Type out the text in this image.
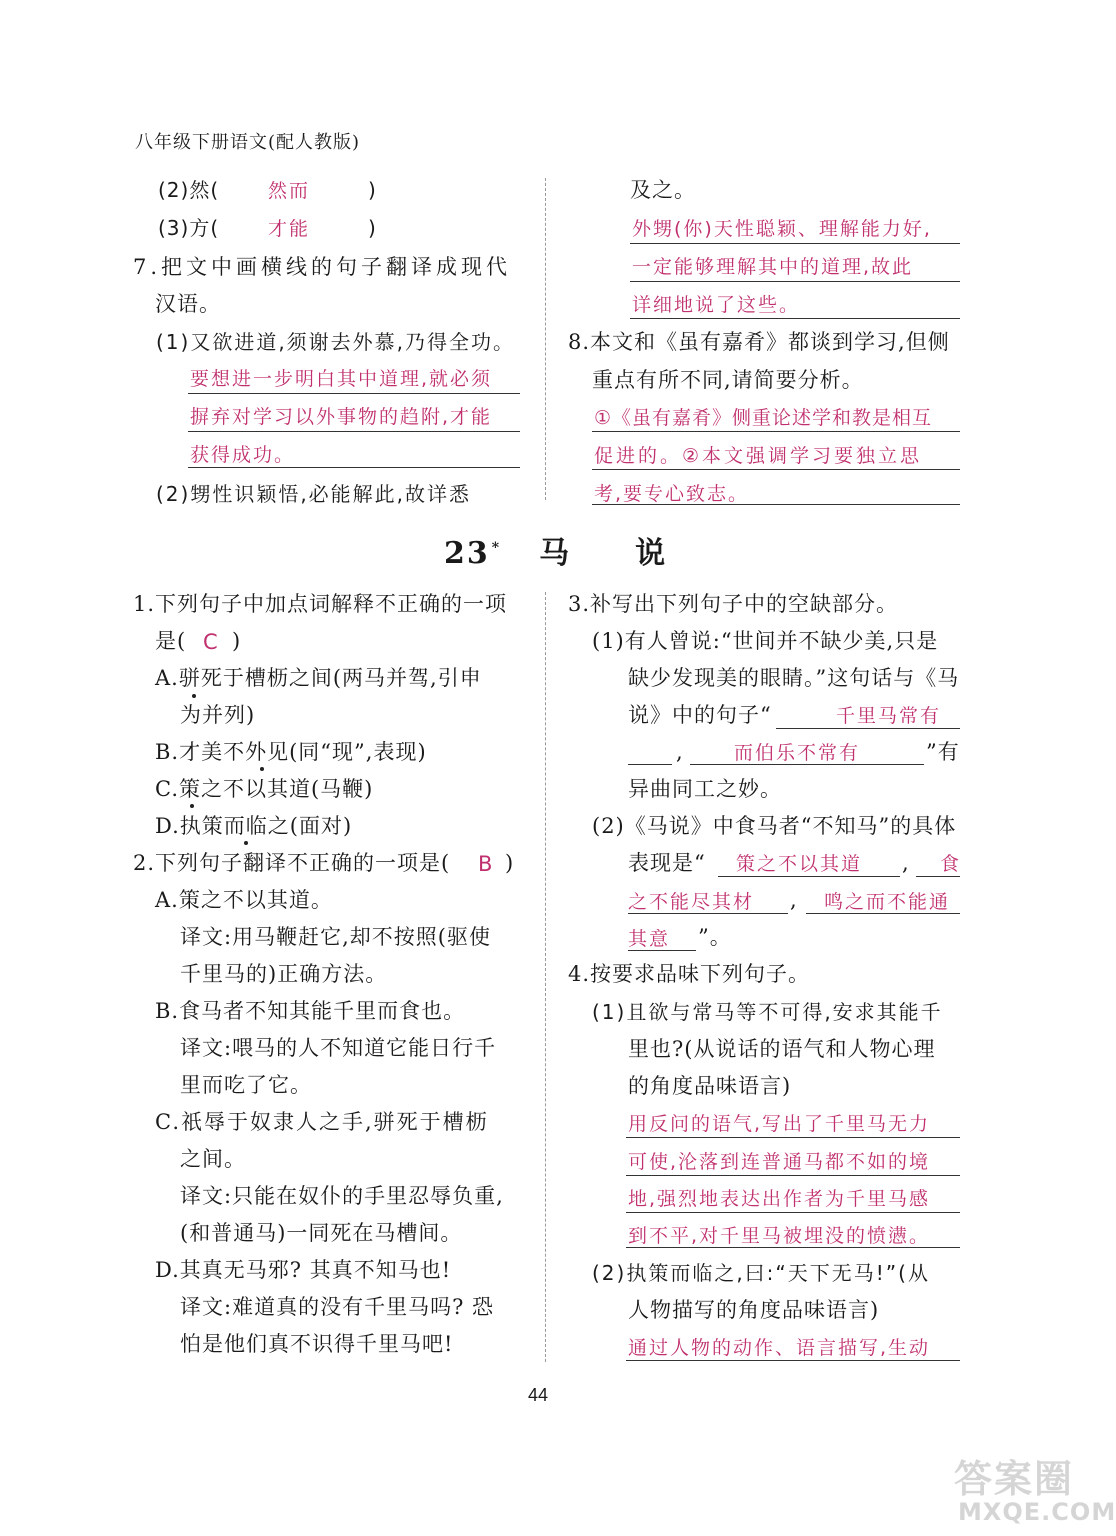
八年级下册语文(配人教版)
(2)然(	然而	)
(3)方(	才能	)
7.把文中画横线的句子翻译成现代
汉语。
(1)又欲进道,须谢去外慕,乃得全功。
要想进一步明白其中道理,就必须
摒弃对学习以外事物的趋附,才能
获得成功。
(2)甥性识颖悟,必能解此,故详悉
及之。
外甥(你)天性聪颖、理解能力好,
一定能够理解其中的道理,故此
详细地说了这些。
8.本文和《虽有嘉肴》都谈到学习,但侧
重点有所不同,请简要分析。
①《虽有嘉肴》侧重论述学和教是相互
促进的。②本文强调学习要独立思
考,要专心致志。
23 * 马 说
1.下列句子中加点词解释不正确的一项
是( C )
A.骈死于槽枥之间(两马并驾,引申
为并列)
B.才美不外见(同“现”,表现)
C.策之不以其道(马鞭)
D.执策而临之(面对)
2.下列句子翻译不正确的一项是( B )
A.策之不以其道。
译文:用马鞭赶它,却不按照(驱使
千里马的)正确方法。
B.食马者不知其能千里而食也。
译文:喂马的人不知道它能日行千
里而吃了它。
C.祇辱于奴隶人之手,骈死于槽枥
之间。
译文:只能在奴仆的手里忍辱负重,
(和普通马)一同死在马槽间。
D.其真无马邪? 其真不知马也!
译文:难道真的没有千里马吗? 恐
怕是他们真不识得千里马吧!
3.补写出下列句子中的空缺部分。
(1)有人曾说:“世间并不缺少美,只是
缺少发现美的眼睛。”这句话与《马
说》中的句子“	千里马常有
,	而伯乐不常有	”有
异曲同工之妙。
(2)《马说》中食马者“不知马”的具体
表现是“ 策之不以其道 , 食
之不能尽其材 , 鸣之而不能通
其意 ”。
4.按要求品味下列句子。
(1)且欲与常马等不可得,安求其能千
里也?(从说话的语气和人物心理
的角度品味语言)
用反问的语气,写出了千里马无力
可使,沦落到连普通马都不如的境
地,强烈地表达出作者为千里马感
到不平,对千里马被埋没的愤懑。
(2)执策而临之,曰:“天下无马!”(从
人物描写的角度品味语言)
通过人物的动作、语言描写,生动
44
答案圈
MXQE.COM
